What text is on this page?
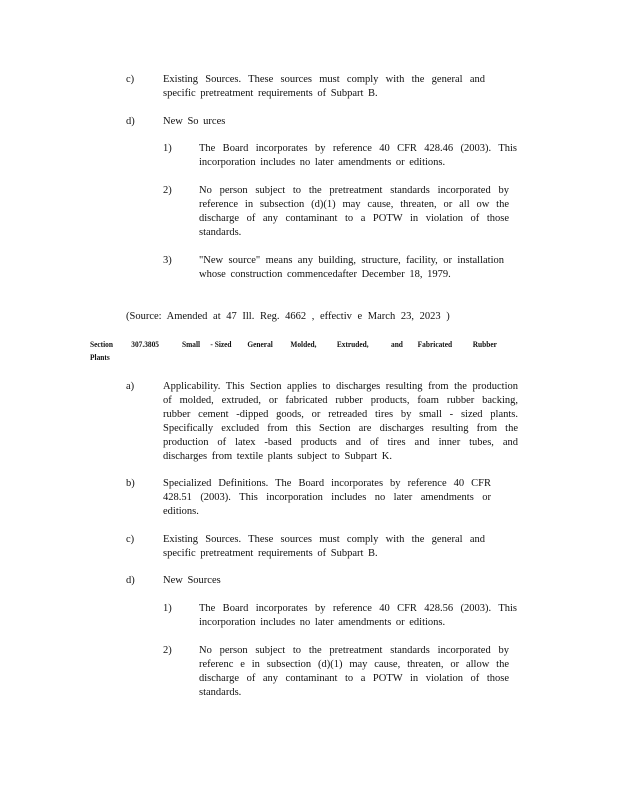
c)	Existing Sources. These sources must comply with the general and specific pretreatment requirements of Subpart B.

d)	New So urces

1)	The Board incorporates by reference 40 CFR 428.46 (2003). This incorporation includes no later amendments or editions.

2)	No person subject to the pretreatment standards incorporated by reference in subsection (d)(1) may cause, threaten, or all ow the discharge of any contaminant to a POTW in violation of those standards.

3)	"New source" means any building, structure, facility, or installation whose construction commencedafter December 18, 1979.

(Source: Amended at 47 Ill. Reg. 4662 , effectiv e March 23, 2023 )
Section 307.3805	Small - Sized General Molded, Extruded,	and Fabricated Rubber
Plants
a)	Applicability. This Section applies to discharges resulting from the production of molded, extruded, or fabricated rubber products, foam rubber backing, rubber cement -dipped goods, or retreaded tires by small - sized plants. Specifically excluded from this Section are discharges resulting from the production of latex -based products and of tires and inner tubes, and discharges from textile plants subject to Subpart K.

b)	Specialized Definitions. The Board incorporates by reference 40 CFR 428.51 (2003). This incorporation includes no later amendments or editions.

c)	Existing Sources. These sources must comply with the general and specific pretreatment requirements of Subpart B.

d)	New Sources

1)	The Board incorporates by reference 40 CFR 428.56 (2003). This incorporation includes no later amendments or editions.

2)	No person subject to the pretreatment standards incorporated by referenc e in subsection (d)(1) may cause, threaten, or allow the discharge of any contaminant to a POTW in violation of those standards.
